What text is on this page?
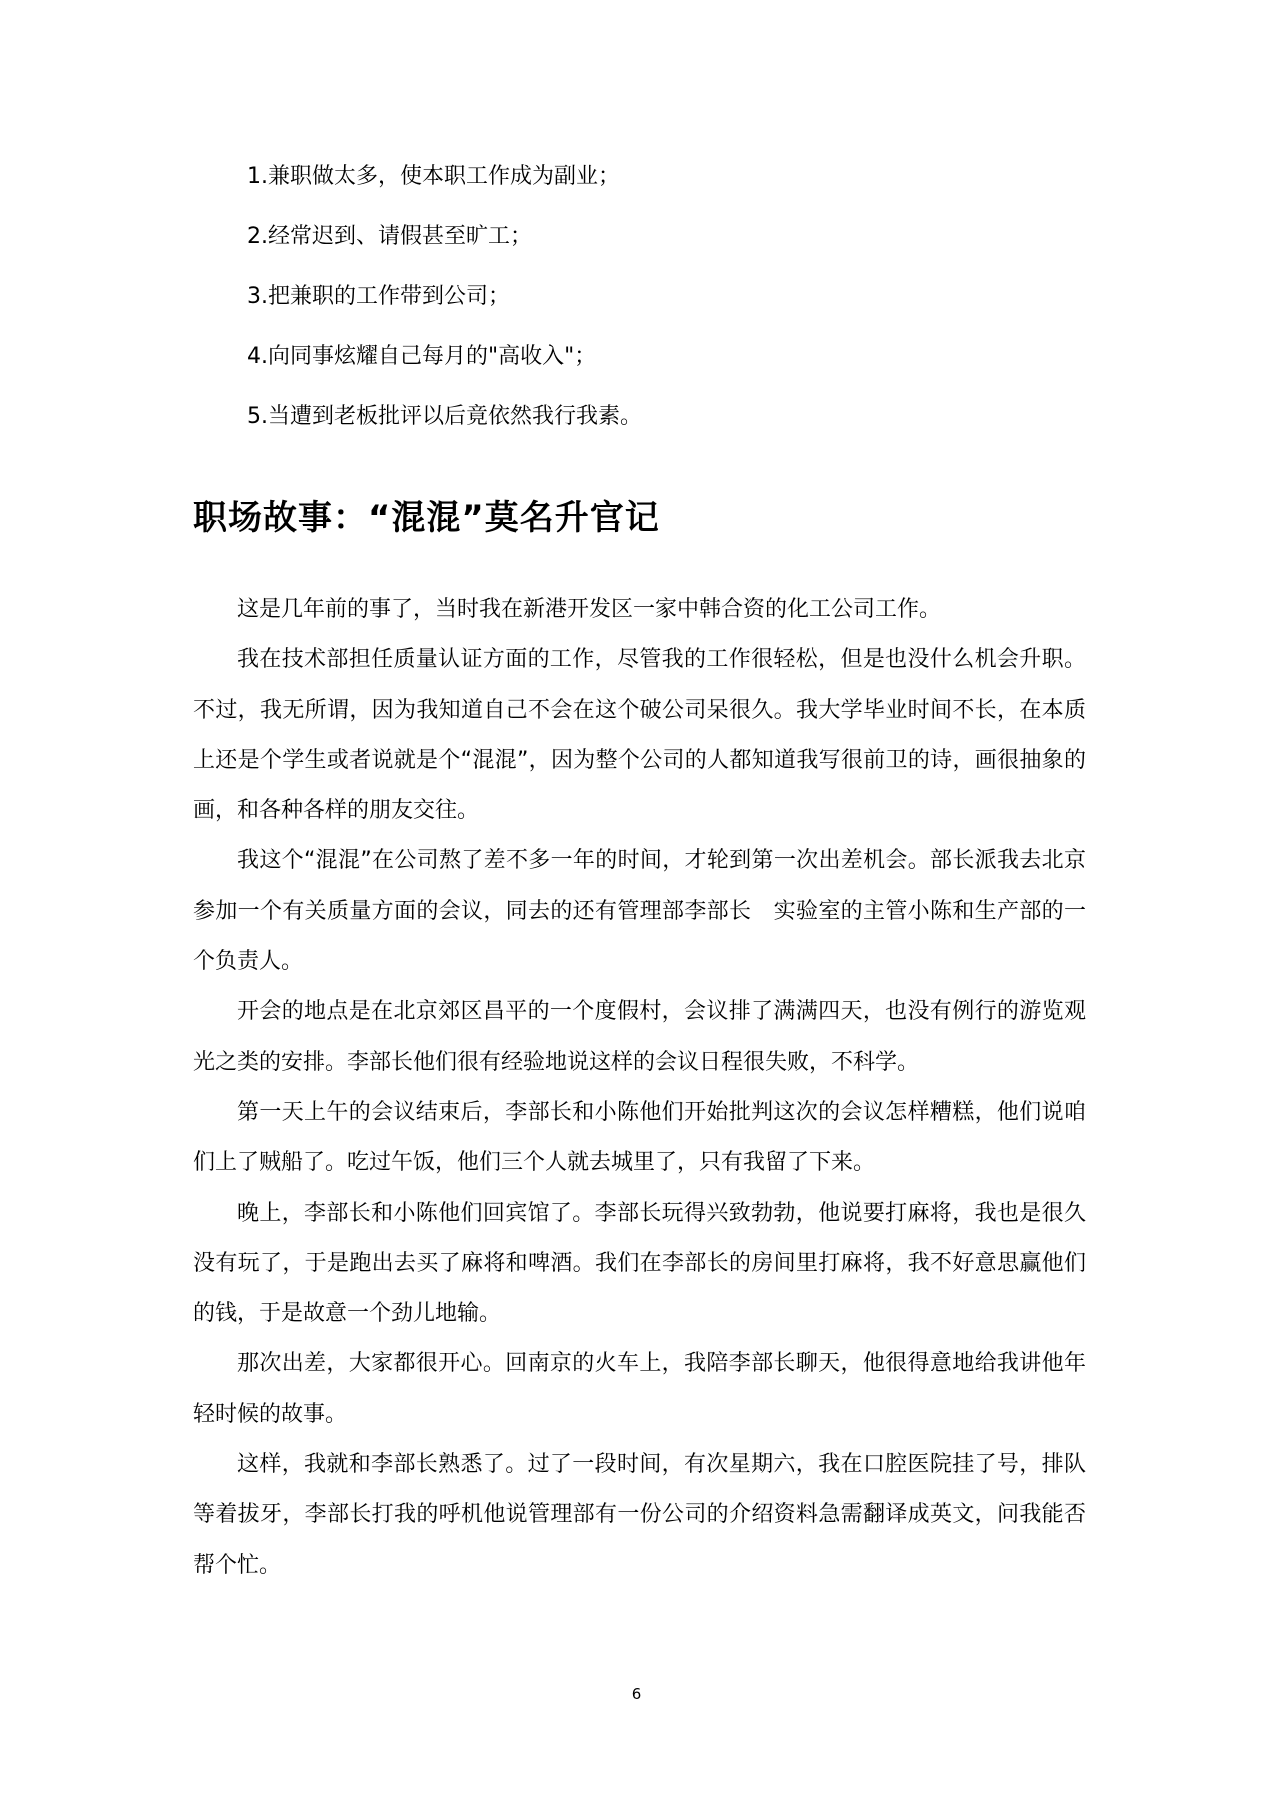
1.兼职做太多，使本职工作成为副业；
2.经常迟到、请假甚至旷工；
3.把兼职的工作带到公司；
4.向同事炫耀自己每月的"高收入"；
5.当遭到老板批评以后竟依然我行我素。
职场故事：“混混”莫名升官记

这是几年前的事了，当时我在新港开发区一家中韩合资的化工公司工作。

我在技术部担任质量认证方面的工作，尽管我的工作很轻松，但是也没什么机会升职。不过，我无所谓，因为我知道自己不会在这个破公司呆很久。我大学毕业时间不长，在本质上还是个学生或者说就是个“混混”，因为整个公司的人都知道我写很前卫的诗，画很抽象的画，和各种各样的朋友交往。

我这个“混混”在公司熬了差不多一年的时间，才轮到第一次出差机会。部长派我去北京参加一个有关质量方面的会议，同去的还有管理部李部长　实验室的主管小陈和生产部的一个负责人。

开会的地点是在北京郊区昌平的一个度假村，会议排了满满四天，也没有例行的游览观光之类的安排。李部长他们很有经验地说这样的会议日程很失败，不科学。

第一天上午的会议结束后，李部长和小陈他们开始批判这次的会议怎样糟糕，他们说咱们上了贼船了。吃过午饭，他们三个人就去城里了，只有我留了下来。

晚上，李部长和小陈他们回宾馆了。李部长玩得兴致勃勃，他说要打麻将，我也是很久没有玩了，于是跑出去买了麻将和啤酒。我们在李部长的房间里打麻将，我不好意思赢他们的钱，于是故意一个劲儿地输。

那次出差，大家都很开心。回南京的火车上，我陪李部长聊天，他很得意地给我讲他年轻时候的故事。

这样，我就和李部长熟悉了。过了一段时间，有次星期六，我在口腔医院挂了号，排队等着拔牙，李部长打我的呼机他说管理部有一份公司的介绍资料急需翻译成英文，问我能否帮个忙。

6
